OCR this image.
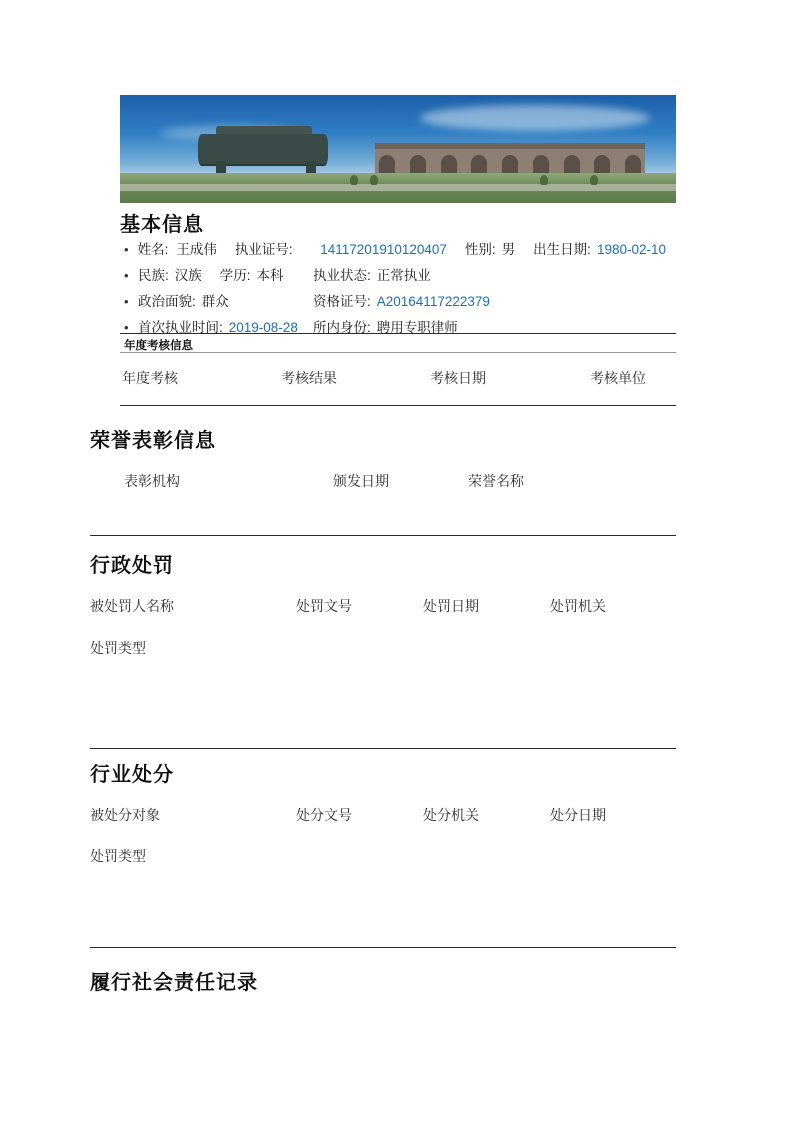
基本信息
• 姓名: 王成伟 执业证号: 14117201910120407 性别: 男 出生日期: 1980-02-10
• 民族: 汉族 学历: 本科 执业状态: 正常执业
• 政治面貌: 群众	资格证号: A20164117222379
• 首次执业时间: 2019-08-28 所内身份: 聘用专职律师
年度考核信息
年度考核	考核结果	考核日期	考核单位
荣誉表彰信息
表彰机构	颁发日期	荣誉名称
行政处罚
被处罚人名称	处罚文号	处罚日期	处罚机关
处罚类型
行业处分
被处分对象	处分文号	处分机关	处分日期
处罚类型
履行社会责任记录
